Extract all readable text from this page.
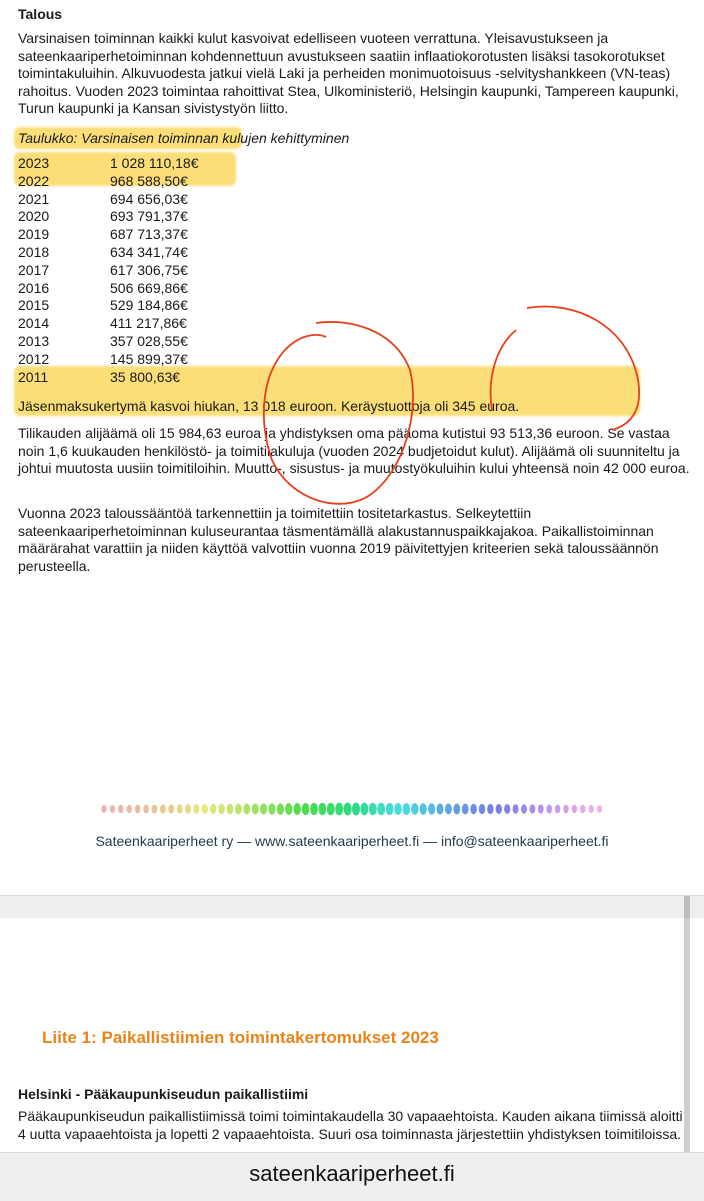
Talous
Varsinaisen toiminnan kaikki kulut kasvoivat edelliseen vuoteen verrattuna. Yleisavustukseen ja sateenkaariperhetoiminnan kohdennettuun avustukseen saatiin inflaatiokorotusten lisäksi tasokorotukset toimintakuluihin. Alkuvuodesta jatkui vielä Laki ja perheiden monimuotoisuus -selvityshankkeen (VN-teas) rahoitus. Vuoden 2023 toimintaa rahoittivat Stea, Ulkoministeriö, Helsingin kaupunki, Tampereen kaupunki, Turun kaupunki ja Kansan sivistystyön liitto.
Taulukko: Varsinaisen toiminnan kulujen kehittyminen
2023	1 028 110,18€
2022	968 588,50€
2021	694 656,03€
2020	693 791,37€
2019	687 713,37€
2018	634 341,74€
2017	617 306,75€
2016	506 669,86€
2015	529 184,86€
2014	411 217,86€
2013	357 028,55€
2012	145 899,37€
2011	35 800,63€
Jäsenmaksukertymä kasvoi hiukan, 13 018 euroon. Keräystuottoja oli 345 euroa.
Tilikauden alijäämä oli 15 984,63 euroa ja yhdistyksen oma pääoma kutistui 93 513,36 euroon. Se vastaa noin 1,6 kuukauden henkilöstö- ja toimitilakuluja (vuoden 2024 budjetoidut kulut). Alijäämä oli suunniteltu ja johtui muutosta uusiin toimitiloihin. Muutto-, sisustus- ja muutostyökuluihin kului yhteensä noin 42 000 euroa.
Vuonna 2023 taloussääntöä tarkennettiin ja toimitettiin tositetarkastus. Selkeytettiin sateenkaariperhetoiminnan kuluseurantaa täsmentämällä alakustannuspaikkajakoa. Paikallistoiminnan määrärahat varattiin ja niiden käyttöä valvottiin vuonna 2019 päivitettyjen kriteerien sekä taloussäännön perusteella.
Sateenkaariperheet ry — www.sateenkaariperheet.fi — info@sateenkaariperheet.fi
Liite 1: Paikallistiimien toimintakertomukset 2023
Helsinki - Pääkaupunkiseudun paikallistiimi
Pääkaupunkiseudun paikallistiimissä toimi toimintakaudella 30 vapaaehtoista. Kauden aikana tiimissä aloitti 4 uutta vapaaehtoista ja lopetti 2 vapaaehtoista. Suuri osa toiminnasta järjestettiin yhdistyksen toimitiloissa.
sateenkaariperheet.fi
